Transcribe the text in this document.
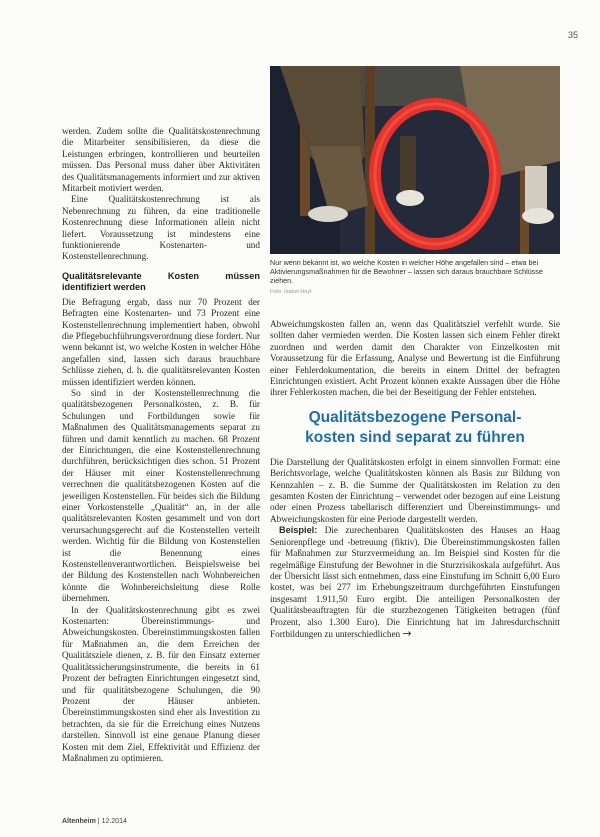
35

werden. Zudem sollte die Qualitätskostenrechnung die Mitarbeiter sensibilisieren, da diese die Leistungen erbringen, kontrollieren und beurteilen müssen. Das Personal muss daher über Aktivitäten des Qualitätsmanagements informiert und zur aktiven Mitarbeit motiviert werden.

Eine Qualitätskostenrechnung ist als Nebenrechnung zu führen, da eine traditionelle Kostenrechnung diese Informationen allein nicht liefert. Voraussetzung ist mindestens eine funktionierende Kostenarten- und Kostenstellenrechnung.

Qualitätsrelevante Kosten müssen identifiziert werden

Die Befragung ergab, dass nur 70 Prozent der Befragten eine Kostenarten- und 73 Prozent eine Kostenstellenrechnung implementiert haben, obwohl die Pflegebuchführungsverordnung diese fordert. Nur wenn bekannt ist, wo welche Kosten in welcher Höhe angefallen sind, lassen sich daraus brauchbare Schlüsse ziehen, d. h. die qualitätsrelevanten Kosten müssen identifiziert werden können.

So sind in der Kostenstellenrechnung die qualitätsbezogenen Personalkosten, z. B. für Schulungen und Fortbildungen sowie für Maßnahmen des Qualitätsmanagements separat zu führen und damit kenntlich zu machen. 68 Prozent der Einrichtungen, die eine Kostenstellenrechnung durchführen, berücksichtigen dies schon. 51 Prozent der Häuser mit einer Kostenstellenrechnung verrechnen die qualitätsbezogenen Kosten auf die jeweiligen Kostenstellen. Für beides sich die Bildung einer Vorkostenstelle „Qualität“ an, in der alle qualitätsrelevanten Kosten gesammelt und von dort verursachungsgerecht auf die Kostenstellen verteilt werden. Wichtig für die Bildung von Kostenstellen ist die Benennung eines Kostenstellenverantwortlichen. Beispielsweise bei der Bildung des Kostenstellen nach Wohnbereichen könnte die Wohnbereichsleitung diese Rolle übernehmen.

In der Qualitätskostenrechnung gibt es zwei Kostenarten: Übereinstimmungs- und Abweichungskosten. Übereinstimmungskosten fallen für Maßnahmen an, die dem Erreichen der Qualitätsziele dienen, z. B. für den Einsatz externer Qualitätssicherungsinstrumente, die bereits in 61 Prozent der befragten Einrichtungen eingesetzt sind, und für qualitätsbezogene Schulungen, die 90 Prozent der Häuser anbieten. Übereinstimmungskosten sind eher als Investition zu betrachten, da sie für die Erreichung eines Nutzens darstellen. Sinnvoll ist eine genaue Planung dieser Kosten mit dem Ziel, Effektivität und Effizienz der Maßnahmen zu optimieren.

Nur wenn bekannt ist, wo welche Kosten in welcher Höhe angefallen sind – etwa bei Aktivierungsmaßnahmen für die Bewohner – lassen sich daraus brauchbare Schlüsse ziehen.
Foto: Isabel Hoyt

Abweichungskosten fallen an, wenn das Qualitätsziel verfehlt wurde. Sie sollten daher vermieden werden. Die Kosten lassen sich einem Fehler direkt zuordnen und werden damit den Charakter von Einzelkosten mit Voraussetzung für die Erfassung, Analyse und Bewertung ist die Einführung einer Fehlerdokumentation, die bereits in einem Drittel der befragten Einrichtungen existiert. Acht Prozent können exakte Aussagen über die Höhe ihrer Fehlerkosten machen, die bei der Beseitigung der Fehler entstehen.

Qualitätsbezogene Personal-
kosten sind separat zu führen

Die Darstellung der Qualitätskosten erfolgt in einem sinnvollen Format: eine Berichtsvorlage, welche Qualitätskosten können als Basis zur Bildung von Kennzahlen – z. B. die Summe der Qualitätskosten im Relation zu den gesamten Kosten der Einrichtung – verwendet oder bezogen auf eine Leistung oder einen Prozess tabellarisch differenziert und Übereinstimmungs- und Abweichungskosten für eine Periode dargestellt werden.

Beispiel: Die zurechenbaren Qualitätskosten des Hauses an Haag Seniorenpflege und -betreuung (fiktiv). Die Übereinstimmungskosten fallen für Maßnahmen zur Sturzvermeidung an. Im Beispiel sind Kosten für die regelmäßige Einstufung der Bewohner in die Sturzrisikoskala aufgeführt. Aus der Übersicht lässt sich entnehmen, dass eine Einstufung im Schnitt 6,00 Euro kostet, was bei 277 im Erhebungszeitraum durchgeführten Einstufungen insgesamt 1.911,50 Euro ergibt. Die anteiligen Personalkosten der Qualitätsbeauftragten für die sturzbezogenen Tätigkeiten betragen (fünf Prozent, also 1.300 Euro). Die Einrichtung hat im Jahresdurchschnitt Fortbildungen zu unterschiedlichen →

Altenheim | 12.2014
